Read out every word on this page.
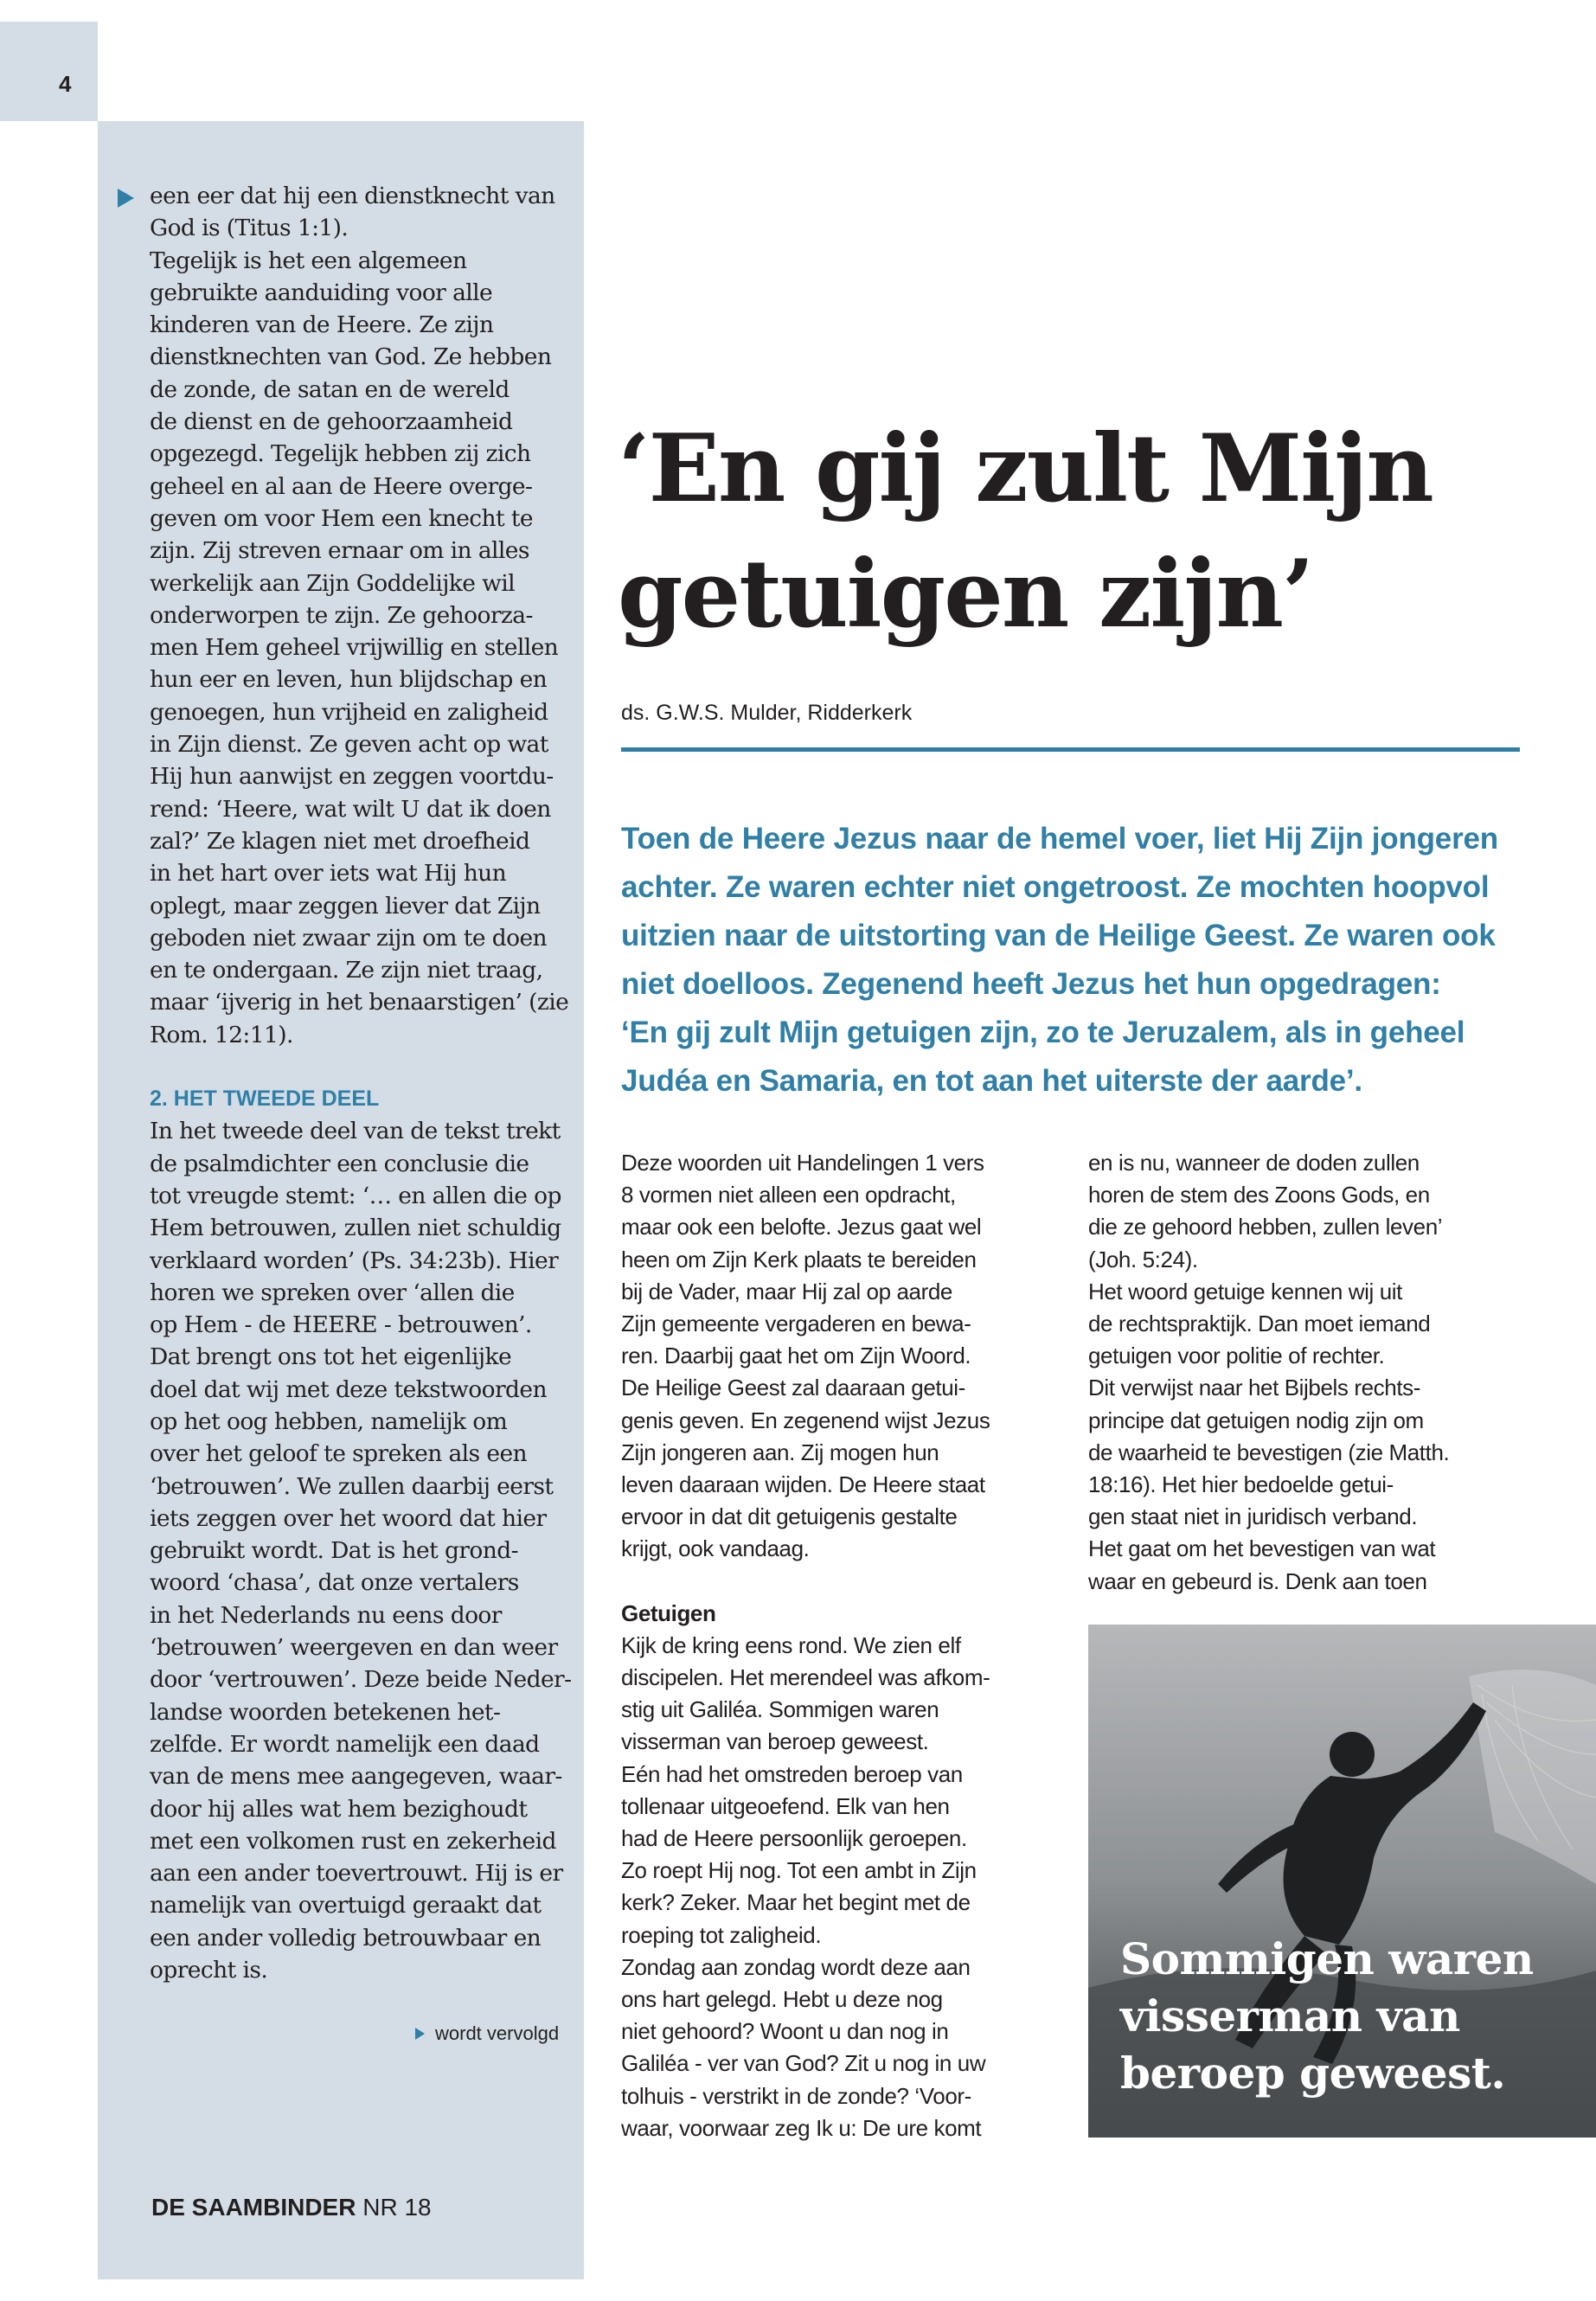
4
een eer dat hij een dienstknecht van
God is (Titus 1:1).
Tegelijk is het een algemeen
gebruikte aanduiding voor alle
kinderen van de Heere. Ze zijn
dienstknechten van God. Ze hebben
de zonde, de satan en de wereld
de dienst en de gehoorzaamheid
opgezegd. Tegelijk hebben zij zich
geheel en al aan de Heere overge-
geven om voor Hem een knecht te
zijn. Zij streven ernaar om in alles
werkelijk aan Zijn Goddelijke wil
onderworpen te zijn. Ze gehoorza-
men Hem geheel vrijwillig en stellen
hun eer en leven, hun blijdschap en
genoegen, hun vrijheid en zaligheid
in Zijn dienst. Ze geven acht op wat
Hij hun aanwijst en zeggen voortdu-
rend: ‘Heere, wat wilt U dat ik doen
zal?’ Ze klagen niet met droefheid
in het hart over iets wat Hij hun
oplegt, maar zeggen liever dat Zijn
geboden niet zwaar zijn om te doen
en te ondergaan. Ze zijn niet traag,
maar ‘ijverig in het benaarstigen’ (zie
Rom. 12:11).

2. HET TWEEDE DEEL

In het tweede deel van de tekst trekt
de psalmdichter een conclusie die
tot vreugde stemt: ‘… en allen die op
Hem betrouwen, zullen niet schuldig
verklaard worden’ (Ps. 34:23b). Hier
horen we spreken over ‘allen die
op Hem - de HEERE - betrouwen’.
Dat brengt ons tot het eigenlijke
doel dat wij met deze tekstwoorden
op het oog hebben, namelijk om
over het geloof te spreken als een
‘betrouwen’. We zullen daarbij eerst
iets zeggen over het woord dat hier
gebruikt wordt. Dat is het grond-
woord ‘chasa’, dat onze vertalers
in het Nederlands nu eens door
‘betrouwen’ weergeven en dan weer
door ‘vertrouwen’. Deze beide Neder-
landse woorden betekenen het-
zelfde. Er wordt namelijk een daad
van de mens mee aangegeven, waar-
door hij alles wat hem bezighoudt
met een volkomen rust en zekerheid
aan een ander toevertrouwt. Hij is er
namelijk van overtuigd geraakt dat
een ander volledig betrouwbaar en
oprecht is.
wordt vervolgd
DE SAAMBINDER NR 18
‘En gij zult Mijn
getuigen zijn’
ds. G.W.S. Mulder, Ridderkerk
Toen de Heere Jezus naar de hemel voer, liet Hij Zijn jongeren
achter. Ze waren echter niet ongetroost. Ze mochten hoopvol
uitzien naar de uitstorting van de Heilige Geest. Ze waren ook
niet doelloos. Zegenend heeft Jezus het hun opgedragen:
‘En gij zult Mijn getuigen zijn, zo te Jeruzalem, als in geheel
Judéa en Samaria, en tot aan het uiterste der aarde’.
Deze woorden uit Handelingen 1 vers
8 vormen niet alleen een opdracht,
maar ook een belofte. Jezus gaat wel
heen om Zijn Kerk plaats te bereiden
bij de Vader, maar Hij zal op aarde
Zijn gemeente vergaderen en bewa-
ren. Daarbij gaat het om Zijn Woord.
De Heilige Geest zal daaraan getui-
genis geven. En zegenend wijst Jezus
Zijn jongeren aan. Zij mogen hun
leven daaraan wijden. De Heere staat
ervoor in dat dit getuigenis gestalte
krijgt, ook vandaag.

Getuigen

Kijk de kring eens rond. We zien elf
discipelen. Het merendeel was afkom-
stig uit Galiléa. Sommigen waren
visserman van beroep geweest.
Eén had het omstreden beroep van
tollenaar uitgeoefend. Elk van hen
had de Heere persoonlijk geroepen.
Zo roept Hij nog. Tot een ambt in Zijn
kerk? Zeker. Maar het begint met de
roeping tot zaligheid.
Zondag aan zondag wordt deze aan
ons hart gelegd. Hebt u deze nog
niet gehoord? Woont u dan nog in
Galiléa - ver van God? Zit u nog in uw
tolhuis - verstrikt in de zonde? ‘Voor-
waar, voorwaar zeg Ik u: De ure komt
en is nu, wanneer de doden zullen
horen de stem des Zoons Gods, en
die ze gehoord hebben, zullen leven’
(Joh. 5:24).
Het woord getuige kennen wij uit
de rechtspraktijk. Dan moet iemand
getuigen voor politie of rechter.
Dit verwijst naar het Bijbels rechts-
principe dat getuigen nodig zijn om
de waarheid te bevestigen (zie Matth.
18:16). Het hier bedoelde getui-
gen staat niet in juridisch verband.
Het gaat om het bevestigen van wat
waar en gebeurd is. Denk aan toen
Sommigen waren
visserman van
beroep geweest.
